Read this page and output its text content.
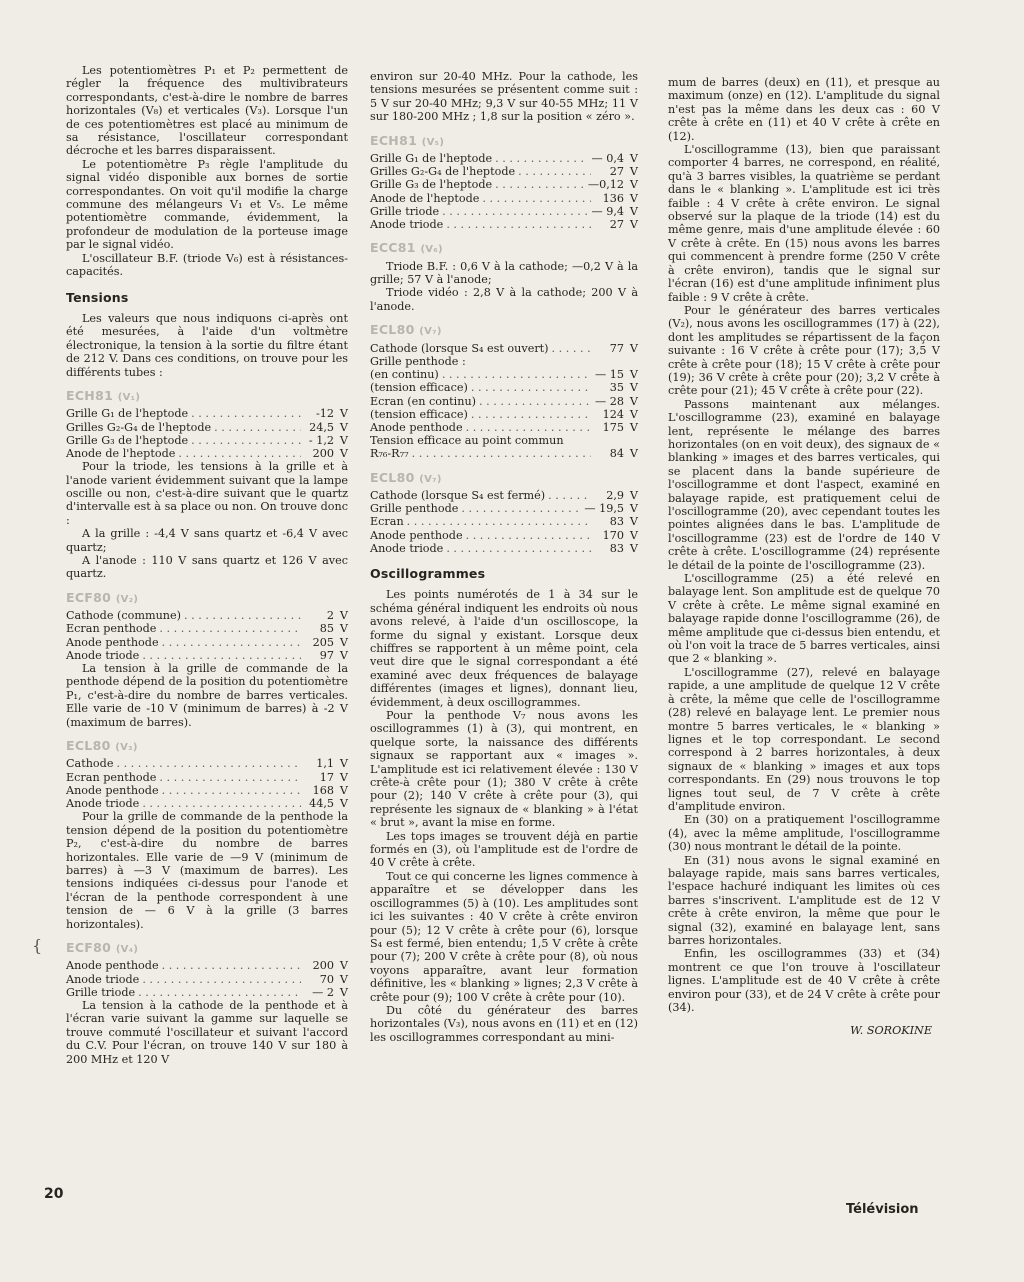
Les potentiomètres P₁ et P₂ permettent de régler la fréquence des multivibrateurs correspondants, c'est-à-dire le nombre de barres horizontales (V₈) et verticales (V₃). Lorsque l'un de ces potentiomètres est placé au minimum de sa résistance, l'oscillateur correspondant décroche et les barres disparaissent.

Le potentiomètre P₃ règle l'amplitude du signal vidéo disponible aux bornes de sortie correspondantes. On voit qu'il modifie la charge commune des mélangeurs V₁ et V₅. Le même potentiomètre commande, évidemment, la profondeur de modulation de la porteuse image par le signal vidéo.

L'oscillateur B.F. (triode V₆) est à résistances-capacités.

Tensions

Les valeurs que nous indiquons ci-après ont été mesurées, à l'aide d'un voltmètre électronique, la tension à la sortie du filtre étant de 212 V. Dans ces conditions, on trouve pour les différents tubes :

ECH81 (V₁)
Grille G₁ de l'heptode . . .	-12 V
Grilles G₂-G₄ de l'heptode . . .	24,5 V
Grille G₃ de l'heptode . . .	- 1,2 V
Anode de l'heptode . . .	200 V

Pour la triode, les tensions à la grille et à l'anode varient évidemment suivant que la lampe oscille ou non, c'est-à-dire suivant que le quartz d'intervalle est à sa place ou non. On trouve donc :

A la grille : -4,4 V sans quartz et -6,4 V avec quartz;

A l'anode : 110 V sans quartz et 126 V avec quartz.

ECF80 (V₂)
Cathode (commune) . . .	2 V
Ecran penthode . . .	85 V
Anode penthode . . .	205 V
Anode triode . . .	97 V

La tension à la grille de commande de la penthode dépend de la position du potentiomètre P₁, c'est-à-dire du nombre de barres verticales. Elle varie de -10 V (minimum de barres) à -2 V (maximum de barres).

ECL80 (V₃)
Cathode . . .	1,1 V
Ecran penthode . . .	17 V
Anode penthode . . .	168 V
Anode triode . . .	44,5 V

Pour la grille de commande de la penthode la tension dépend de la position du potentiomètre P₂, c'est-à-dire du nombre de barres horizontales. Elle varie de —9 V (minimum de barres) à —3 V (maximum de barres). Les tensions indiquées ci-dessus pour l'anode et l'écran de la penthode correspondent à une tension de — 6 V à la grille (3 barres horizontales).

ECF80 (V₄)
Anode penthode . . .	200 V
Anode triode . . .	70 V
Grille triode . . .	— 2 V

La tension à la cathode de la penthode et à l'écran varie suivant la gamme sur laquelle se trouve commuté l'oscillateur et suivant l'accord du C.V. Pour l'écran, on trouve 140 V sur 180 à 200 MHz et 120 V

environ sur 20-40 MHz. Pour la cathode, les tensions mesurées se présentent comme suit : 5 V sur 20-40 MHz; 9,3 V sur 40-55 MHz; 11 V sur 180-200 MHz ; 1,8 sur la position « zéro ».

ECH81 (V₅)
Grille G₁ de l'heptode . . .	— 0,4 V
Grilles G₂-G₄ de l'heptode . . .	27 V
Grille G₃ de l'heptode . . .	—0,12 V
Anode de l'heptode . . .	136 V
Grille triode . . .	— 9,4 V
Anode triode . . .	27 V
ECC81 (V₆)

Triode B.F. : 0,6 V à la cathode; —0,2 V à la grille; 57 V à l'anode;

Triode vidéo : 2,8 V à la cathode; 200 V à l'anode.

ECL80 (V₇)
Cathode (lorsque S₄ est ouvert) . . .	77 V
Grille penthode :
(en continu) . . .	— 15 V
(tension efficace) . . .	35 V
Ecran (en continu) . . .	— 28 V
(tension efficace) . . .	124 V
Anode penthode . . .	175 V
Tension efficace au point commun
R₇₆-R₇₇ . . .	84 V
ECL80 (V₇)
Cathode (lorsque S₄ est fermé) . . .	2,9 V
Grille penthode . . .	— 19,5 V
Ecran . . .	83 V
Anode penthode . . .	170 V
Anode triode . . .	83 V
Oscillogrammes

Les points numérotés de 1 à 34 sur le schéma général indiquent les endroits où nous avons relevé, à l'aide d'un oscilloscope, la forme du signal y existant. Lorsque deux chiffres se rapportent à un même point, cela veut dire que le signal correspondant a été examiné avec deux fréquences de balayage différentes (images et lignes), donnant lieu, évidemment, à deux oscillogrammes.

Pour la penthode V₇ nous avons les oscillogrammes (1) à (3), qui montrent, en quelque sorte, la naissance des différents signaux se rapportant aux « images ». L'amplitude est ici relativement élevée : 130 V crête-à crête pour (1); 380 V crête à crête pour (2); 140 V crête à crête pour (3), qui représente les signaux de « blanking » à l'état « brut », avant la mise en forme.

Les tops images se trouvent déjà en partie formés en (3), où l'amplitude est de l'ordre de 40 V crête à crête.

Tout ce qui concerne les lignes commence à apparaître et se développer dans les oscillogrammes (5) à (10). Les amplitudes sont ici les suivantes : 40 V crête à crête environ pour (5); 12 V crête à crête pour (6), lorsque S₄ est fermé, bien entendu; 1,5 V crête à crête pour (7); 200 V crête à crête pour (8), où nous voyons apparaître, avant leur formation définitive, les « blanking » lignes; 2,3 V crête à crête pour (9); 100 V crête à crête pour (10).

Du côté du générateur des barres horizontales (V₃), nous avons en (11) et en (12) les oscillogrammes correspondant au mini-

mum de barres (deux) en (11), et presque au maximum (onze) en (12). L'amplitude du signal n'est pas la même dans les deux cas : 60 V crête à crête en (11) et 40 V crête à crête en (12).

L'oscillogramme (13), bien que paraissant comporter 4 barres, ne correspond, en réalité, qu'à 3 barres visibles, la quatrième se perdant dans le « blanking ». L'amplitude est ici très faible : 4 V crête à crête environ. Le signal observé sur la plaque de la triode (14) est du même genre, mais d'une amplitude élevée : 60 V crête à crête. En (15) nous avons les barres qui commencent à prendre forme (250 V crête à crête environ), tandis que le signal sur l'écran (16) est d'une amplitude infiniment plus faible : 9 V crête à crête.

Pour le générateur des barres verticales (V₂), nous avons les oscillogrammes (17) à (22), dont les amplitudes se répartissent de la façon suivante : 16 V crête à crête pour (17); 3,5 V crête à crête pour (18); 15 V crête à crête pour (19); 36 V crête à crête pour (20); 3,2 V crête à crête pour (21); 45 V crête à crête pour (22).

Passons maintenant aux mélanges. L'oscillogramme (23), examiné en balayage lent, représente le mélange des barres horizontales (on en voit deux), des signaux de « blanking » images et des barres verticales, qui se placent dans la bande supérieure de l'oscillogramme et dont l'aspect, examiné en balayage rapide, est pratiquement celui de l'oscillogramme (20), avec cependant toutes les pointes alignées dans le bas. L'amplitude de l'oscillogramme (23) est de l'ordre de 140 V crête à crête. L'oscillogramme (24) représente le détail de la pointe de l'oscillogramme (23).

L'oscillogramme (25) a été relevé en balayage lent. Son amplitude est de quelque 70 V crête à crête. Le même signal examiné en balayage rapide donne l'oscillogramme (26), de même amplitude que ci-dessus bien entendu, et où l'on voit la trace de 5 barres verticales, ainsi que 2 « blanking ».

L'oscillogramme (27), relevé en balayage rapide, a une amplitude de quelque 12 V crête à crête, la même que celle de l'oscillogramme (28) relevé en balayage lent. Le premier nous montre 5 barres verticales, le « blanking » lignes et le top correspondant. Le second correspond à 2 barres horizontales, à deux signaux de « blanking » images et aux tops correspondants. En (29) nous trouvons le top lignes tout seul, de 7 V crête à crête d'amplitude environ.

En (30) on a pratiquement l'oscillogramme (4), avec la même amplitude, l'oscillogramme (30) nous montrant le détail de la pointe.

En (31) nous avons le signal examiné en balayage rapide, mais sans barres verticales, l'espace hachuré indiquant les limites où ces barres s'inscrivent. L'amplitude est de 12 V crête à crête environ, la même que pour le signal (32), examiné en balayage lent, sans barres horizontales.

Enfin, les oscillogrammes (33) et (34) montrent ce que l'on trouve à l'oscillateur lignes. L'amplitude est de 40 V crête à crête environ pour (33), et de 24 V crête à crête pour (34).

W. SOROKINE
{
20
Télévision
